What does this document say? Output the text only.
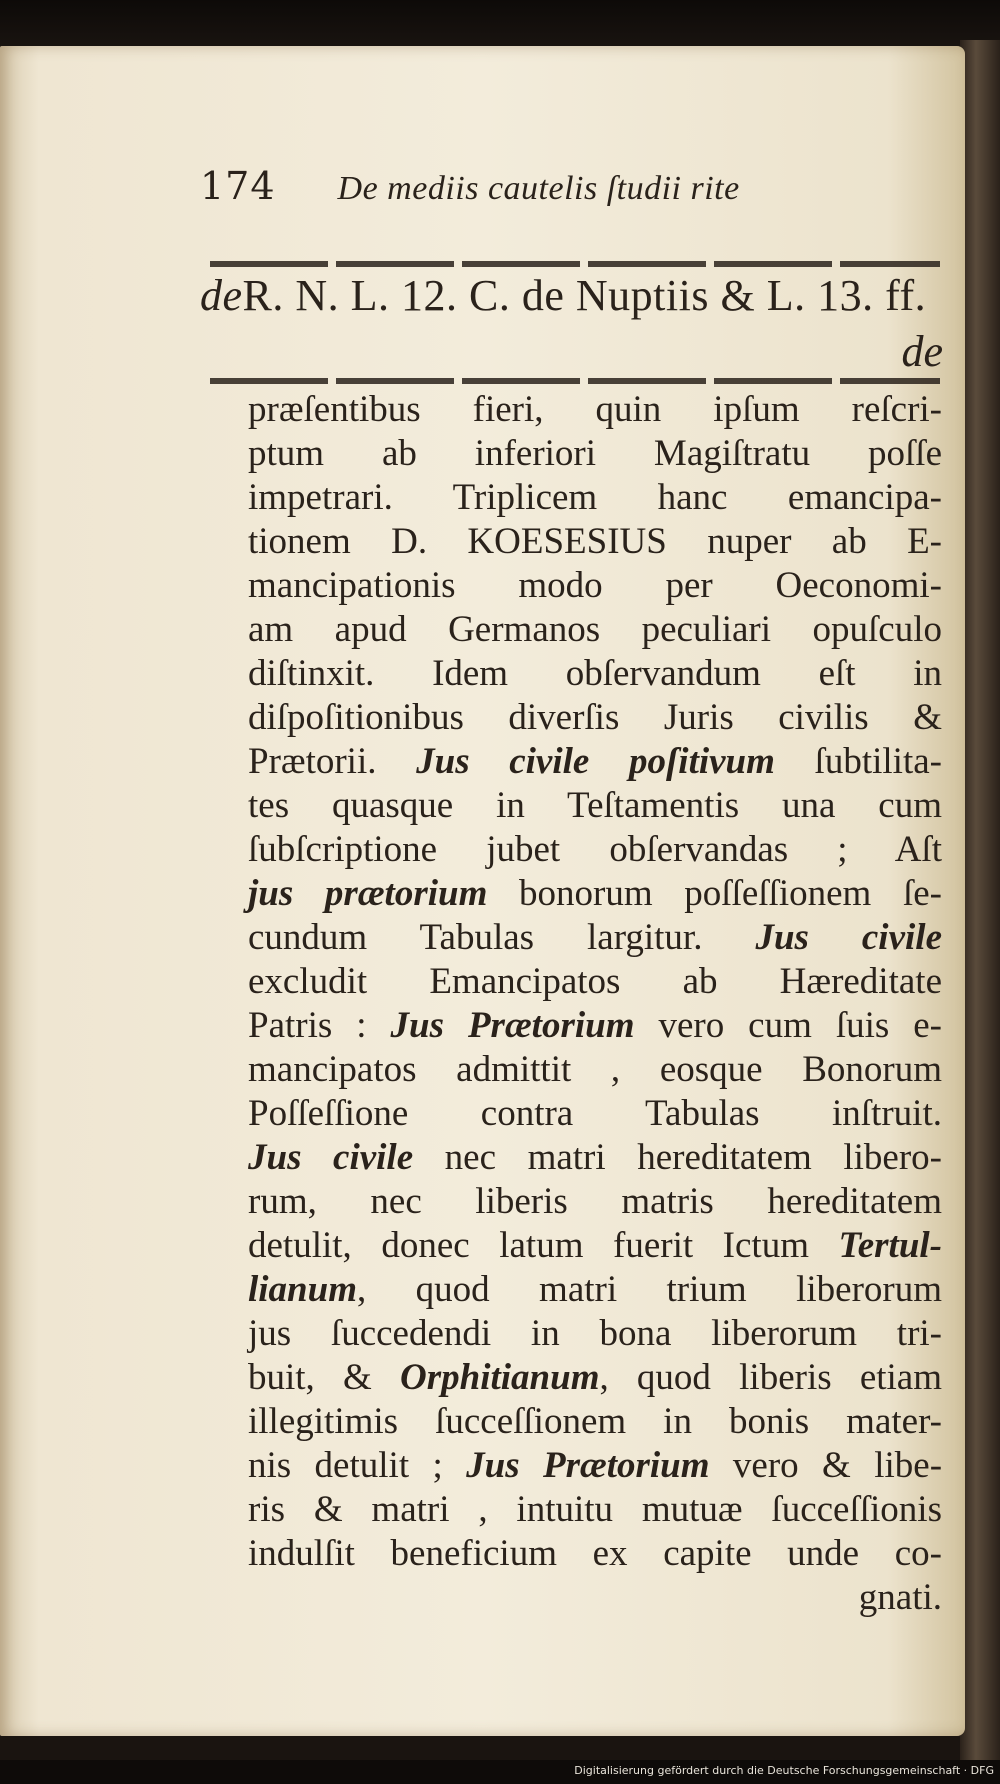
174 De mediis cautelis ſtudii rite
deR. N. L. 12. C. de Nuptiis & L. 13. ff.
de
præſentibus fieri, quin ipſum reſcri-
ptum ab inferiori Magiſtratu poſſe
impetrari. Triplicem hanc emancipa-
tionem D. KOESESIUS nuper ab E-
mancipationis modo per Oeconomi-
am apud Germanos peculiari opuſculo
diſtinxit. Idem obſervandum eſt in
diſpoſitionibus diverſis Juris civilis &
Prætorii. Jus civile poſitivum ſubtilita-
tes quasque in Teſtamentis una cum
ſubſcriptione jubet obſervandas ; Aſt
jus prætorium bonorum poſſeſſionem ſe-
cundum Tabulas largitur. Jus civile
excludit Emancipatos ab Hæreditate
Patris : Jus Prætorium vero cum ſuis e-
mancipatos admittit , eosque Bonorum
Poſſeſſione contra Tabulas inſtruit.
Jus civile nec matri hereditatem libero-
rum, nec liberis matris hereditatem
detulit, donec latum fuerit Ictum Tertul-
lianum, quod matri trium liberorum
jus ſuccedendi in bona liberorum tri-
buit, & Orphitianum, quod liberis etiam
illegitimis ſucceſſionem in bonis mater-
nis detulit ; Jus Prætorium vero & libe-
ris & matri , intuitu mutuæ ſucceſſionis
indulſit beneficium ex capite unde co-
gnati.
Digitalisierung gefördert durch die Deutsche Forschungsgemeinschaft · DFG
